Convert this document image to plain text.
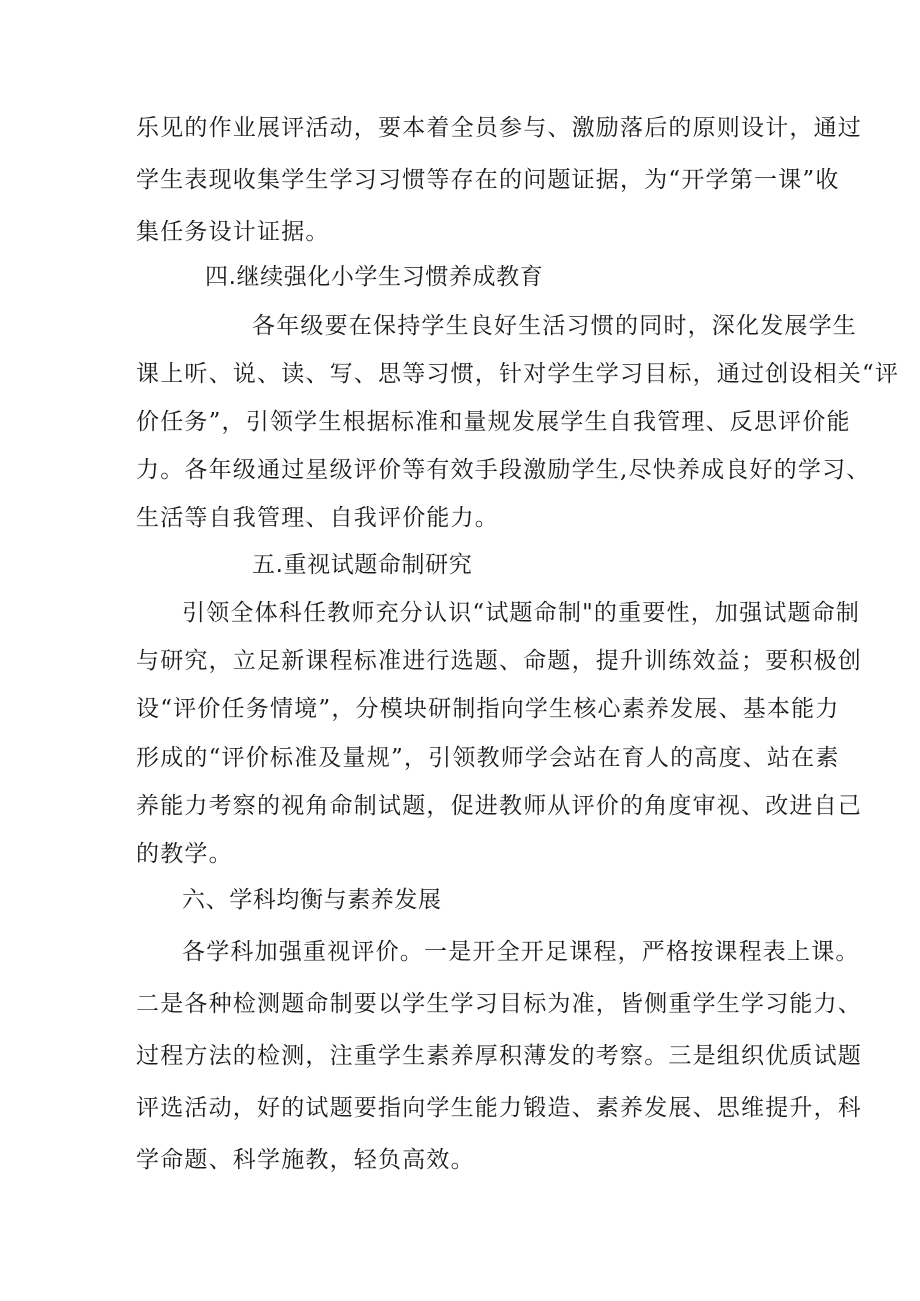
乐见的作业展评活动，要本着全员参与、激励落后的原则设计，通过
学生表现收集学生学习习惯等存在的问题证据，为“开学第一课”收
集任务设计证据。
四.继续强化小学生习惯养成教育
各年级要在保持学生良好生活习惯的同时，深化发展学生
课上听、说、读、写、思等习惯，针对学生学习目标，通过创设相关“评
价任务”，引领学生根据标准和量规发展学生自我管理、反思评价能
力。各年级通过星级评价等有效手段激励学生,尽快养成良好的学习、
生活等自我管理、自我评价能力。
五.重视试题命制研究
引领全体科任教师充分认识“试题命制"的重要性，加强试题命制
与研究，立足新课程标准进行选题、命题，提升训练效益；要积极创
设“评价任务情境”，分模块研制指向学生核心素养发展、基本能力
形成的“评价标准及量规”，引领教师学会站在育人的高度、站在素
养能力考察的视角命制试题，促进教师从评价的角度审视、改进自己
的教学。
六、学科均衡与素养发展
各学科加强重视评价。一是开全开足课程，严格按课程表上课。
二是各种检测题命制要以学生学习目标为准，皆侧重学生学习能力、
过程方法的检测，注重学生素养厚积薄发的考察。三是组织优质试题
评选活动，好的试题要指向学生能力锻造、素养发展、思维提升，科
学命题、科学施教，轻负高效。
